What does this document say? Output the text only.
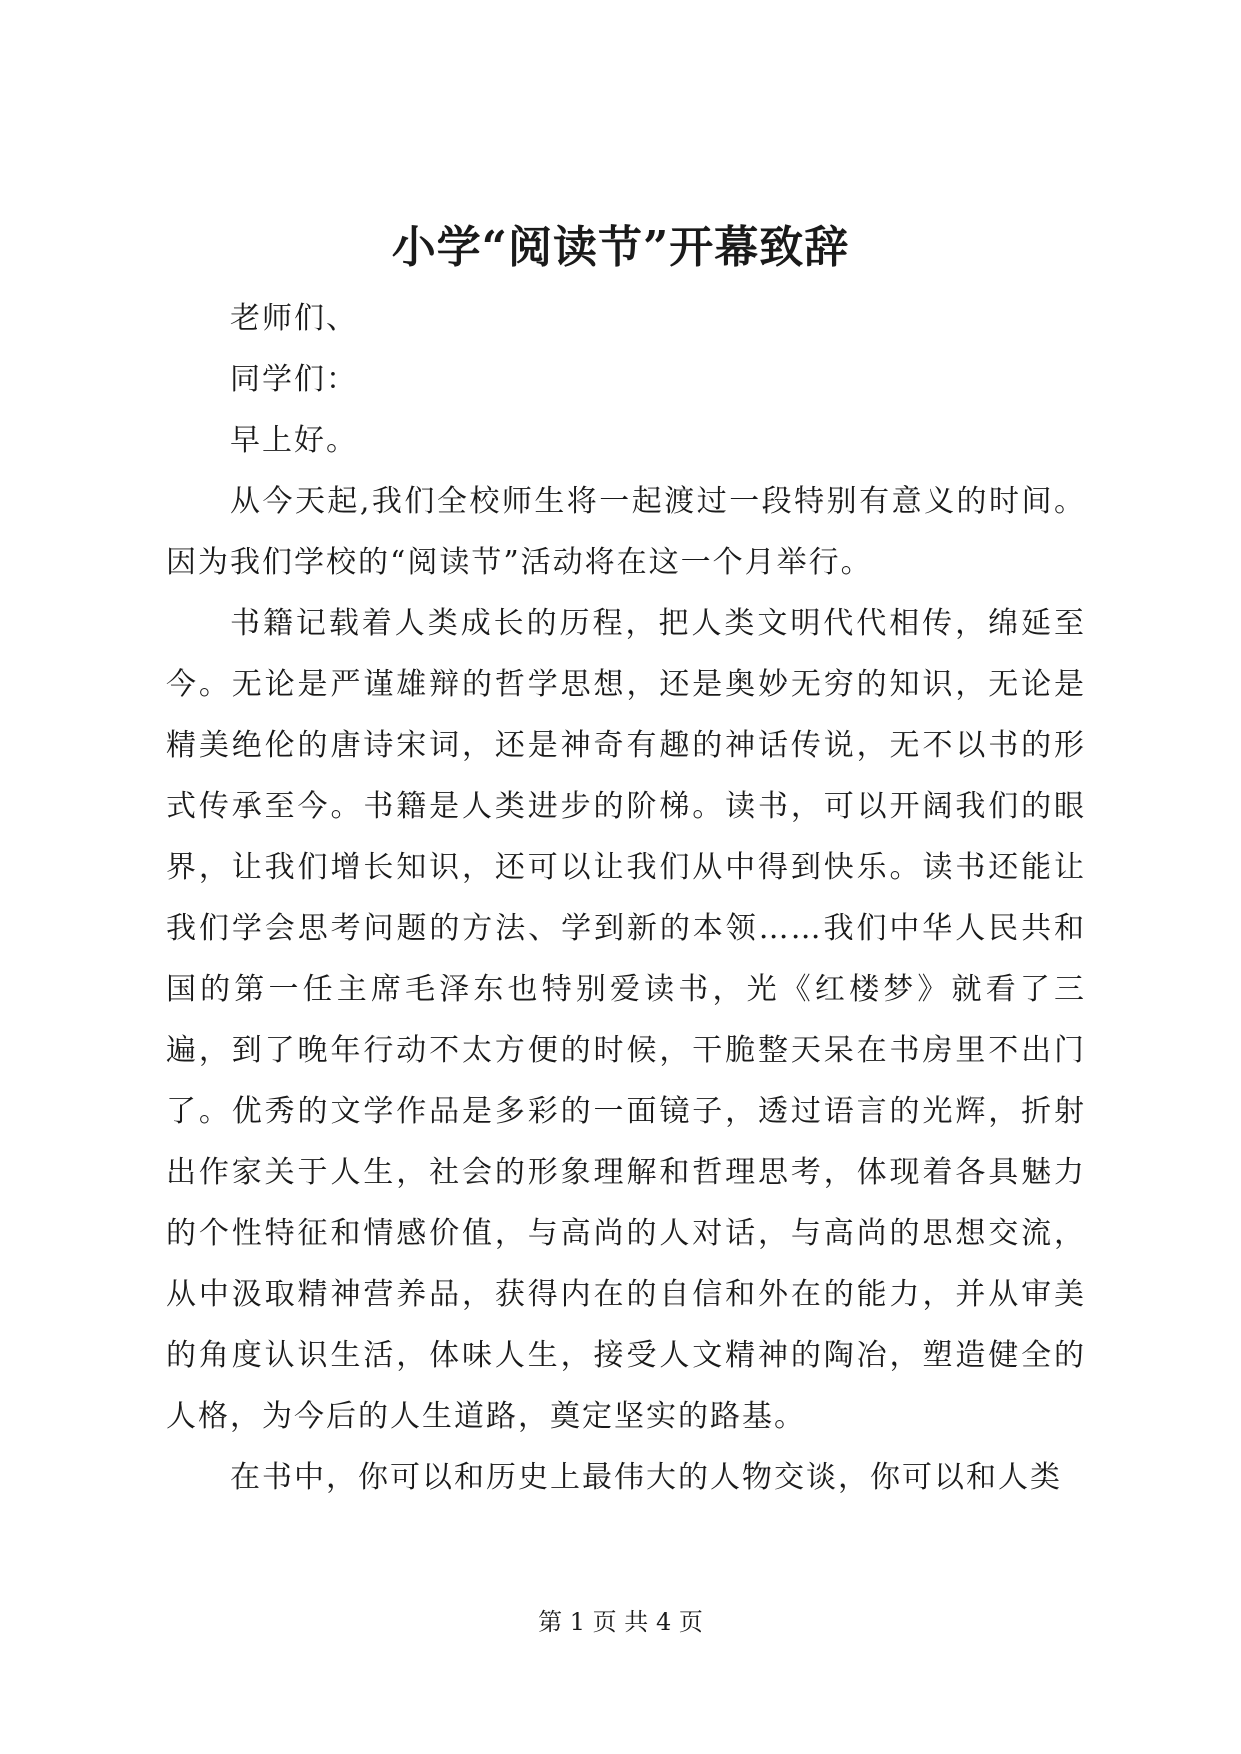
小学“阅读节”开幕致辞

老师们、

同学们：

早上好。

从今天起,我们全校师生将一起渡过一段特别有意义的时间。因为我们学校的“阅读节”活动将在这一个月举行。

书籍记载着人类成长的历程，把人类文明代代相传，绵延至今。无论是严谨雄辩的哲学思想，还是奥妙无穷的知识，无论是精美绝伦的唐诗宋词，还是神奇有趣的神话传说，无不以书的形式传承至今。书籍是人类进步的阶梯。读书，可以开阔我们的眼界，让我们增长知识，还可以让我们从中得到快乐。读书还能让我们学会思考问题的方法、学到新的本领……我们中华人民共和国的第一任主席毛泽东也特别爱读书，光《红楼梦》就看了三遍，到了晚年行动不太方便的时候，干脆整天呆在书房里不出门了。优秀的文学作品是多彩的一面镜子，透过语言的光辉，折射出作家关于人生，社会的形象理解和哲理思考，体现着各具魅力的个性特征和情感价值，与高尚的人对话，与高尚的思想交流，从中汲取精神营养品，获得内在的自信和外在的能力，并从审美的角度认识生活，体味人生，接受人文精神的陶冶，塑造健全的人格，为今后的人生道路，奠定坚实的路基。

在书中，你可以和历史上最伟大的人物交谈，你可以和人类

第 1 页 共 4 页
